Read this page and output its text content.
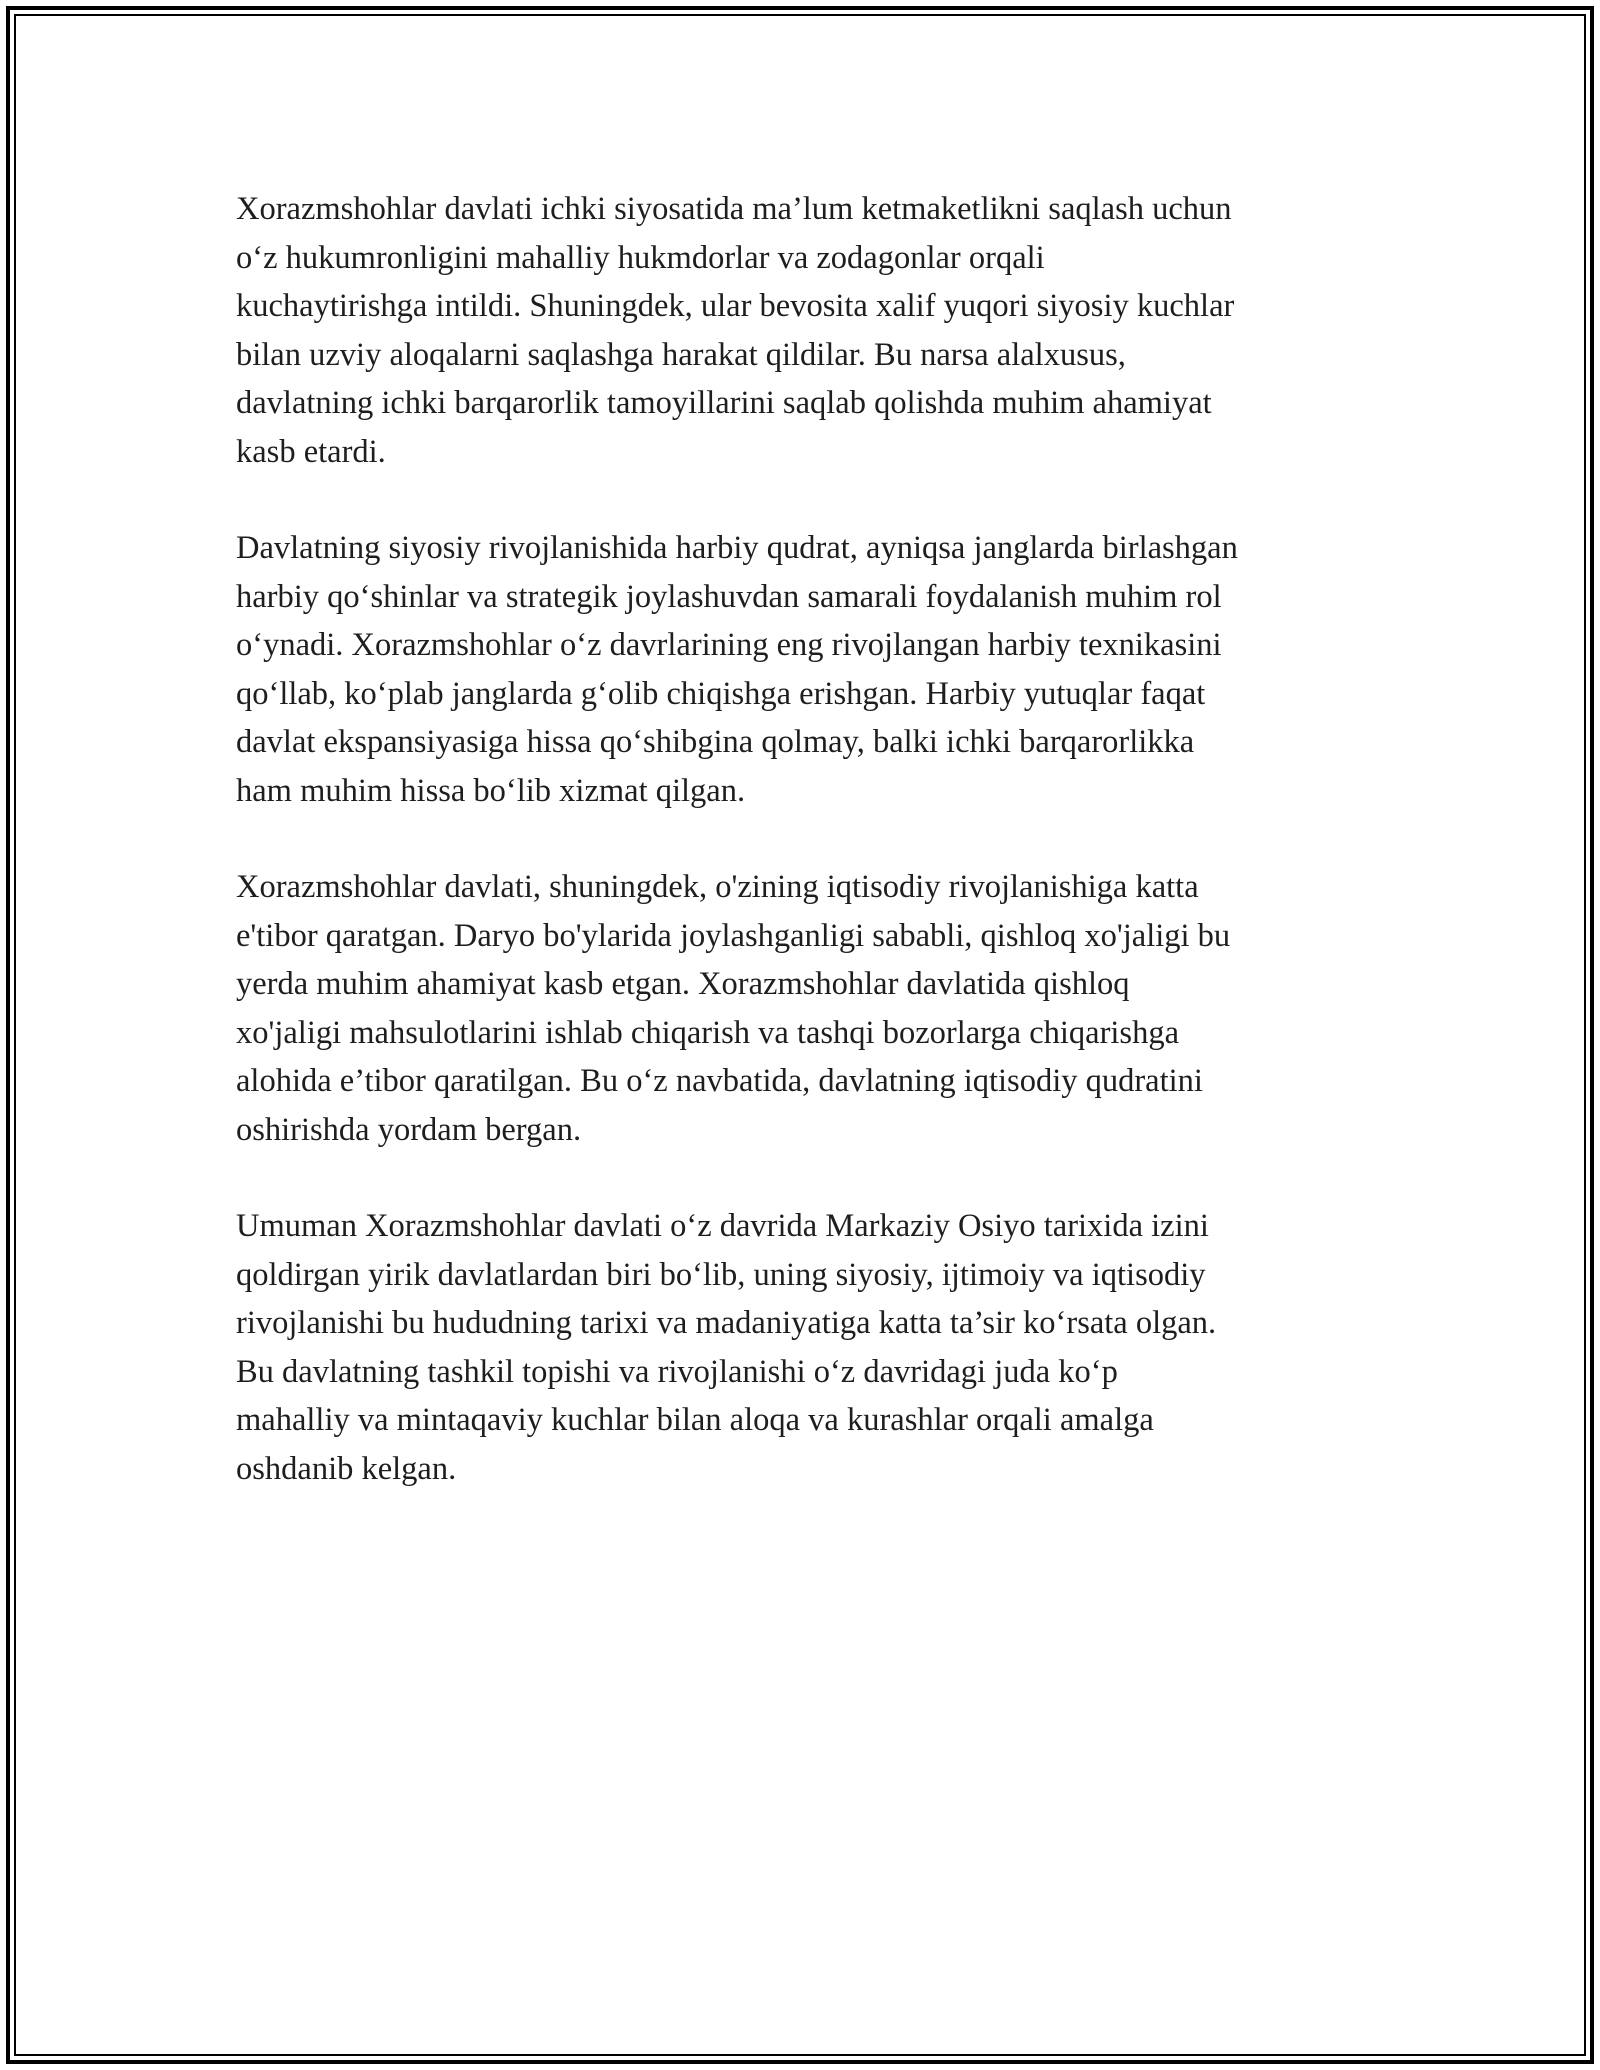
Xorazmshohlar davlati ichki siyosatida ma’lum ketmaketlikni saqlash uchun
o‘z hukumronligini mahalliy hukmdorlar va zodagonlar orqali
kuchaytirishga intildi. Shuningdek, ular bevosita xalif yuqori siyosiy kuchlar
bilan uzviy aloqalarni saqlashga harakat qildilar. Bu narsa alalxusus,
davlatning ichki barqarorlik tamoyillarini saqlab qolishda muhim ahamiyat
kasb etardi.

Davlatning siyosiy rivojlanishida harbiy qudrat, ayniqsa janglarda birlashgan
harbiy qo‘shinlar va strategik joylashuvdan samarali foydalanish muhim rol
o‘ynadi. Xorazmshohlar o‘z davrlarining eng rivojlangan harbiy texnikasini
qo‘llab, ko‘plab janglarda g‘olib chiqishga erishgan. Harbiy yutuqlar faqat
davlat ekspansiyasiga hissa qo‘shibgina qolmay, balki ichki barqarorlikka
ham muhim hissa bo‘lib xizmat qilgan.

Xorazmshohlar davlati, shuningdek, o'zining iqtisodiy rivojlanishiga katta
e'tibor qaratgan. Daryo bo'ylarida joylashganligi sababli, qishloq xo'jaligi bu
yerda muhim ahamiyat kasb etgan. Xorazmshohlar davlatida qishloq
xo'jaligi mahsulotlarini ishlab chiqarish va tashqi bozorlarga chiqarishga
alohida e’tibor qaratilgan. Bu o‘z navbatida, davlatning iqtisodiy qudratini
oshirishda yordam bergan.

Umuman Xorazmshohlar davlati o‘z davrida Markaziy Osiyo tarixida izini
qoldirgan yirik davlatlardan biri bo‘lib, uning siyosiy, ijtimoiy va iqtisodiy
rivojlanishi bu hududning tarixi va madaniyatiga katta ta’sir ko‘rsata olgan.
Bu davlatning tashkil topishi va rivojlanishi o‘z davridagi juda ko‘p
mahalliy va mintaqaviy kuchlar bilan aloqa va kurashlar orqali amalga
oshdanib kelgan.
